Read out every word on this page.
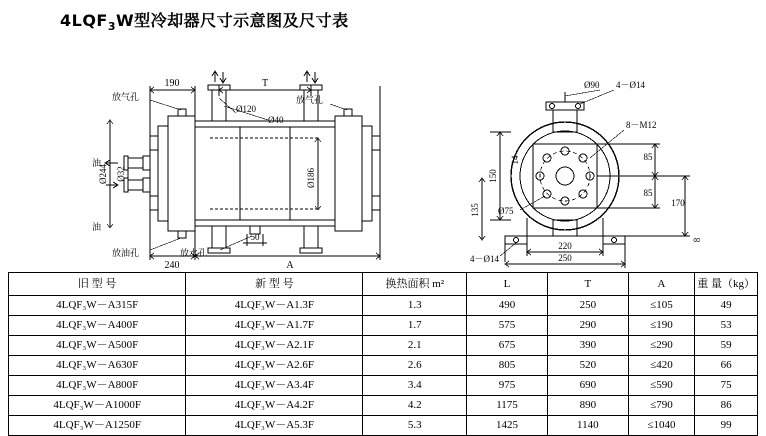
$4LQF_3W$型冷却器尺寸示意图及尺寸表
190	T
240	A
50
Ø120
Ø40
Ø186
Ø244 Ø32
放气孔	放气孔
油
油
放油孔	放水孔
150
135
14	85
85
170
8
220
250
Ø90 4－Ø14
8－M12
Ø75
4－Ø14
旧 型 号	新 型 号	换热面积 m²	L	T	A	重 量（kg）
4LQF₃W－A315F	4LQF₃W－A1.3F	1.3	490	250	≤105	49
4LQF₃W－A400F	4LQF₃W－A1.7F	1.7	575	290	≤190	53
4LQF₃W－A500F	4LQF₃W－A2.1F	2.1	675	390	≤290	59
4LQF₃W－A630F	4LQF₃W－A2.6F	2.6	805	520	≤420	66
4LQF₃W－A800F	4LQF₃W－A3.4F	3.4	975	690	≤590	75
4LQF₃W－A1000F	4LQF₃W－A4.2F	4.2	1175	890	≤790	86
4LQF₃W－A1250F	4LQF₃W－A5.3F	5.3	1425	1140	≤1040	99
